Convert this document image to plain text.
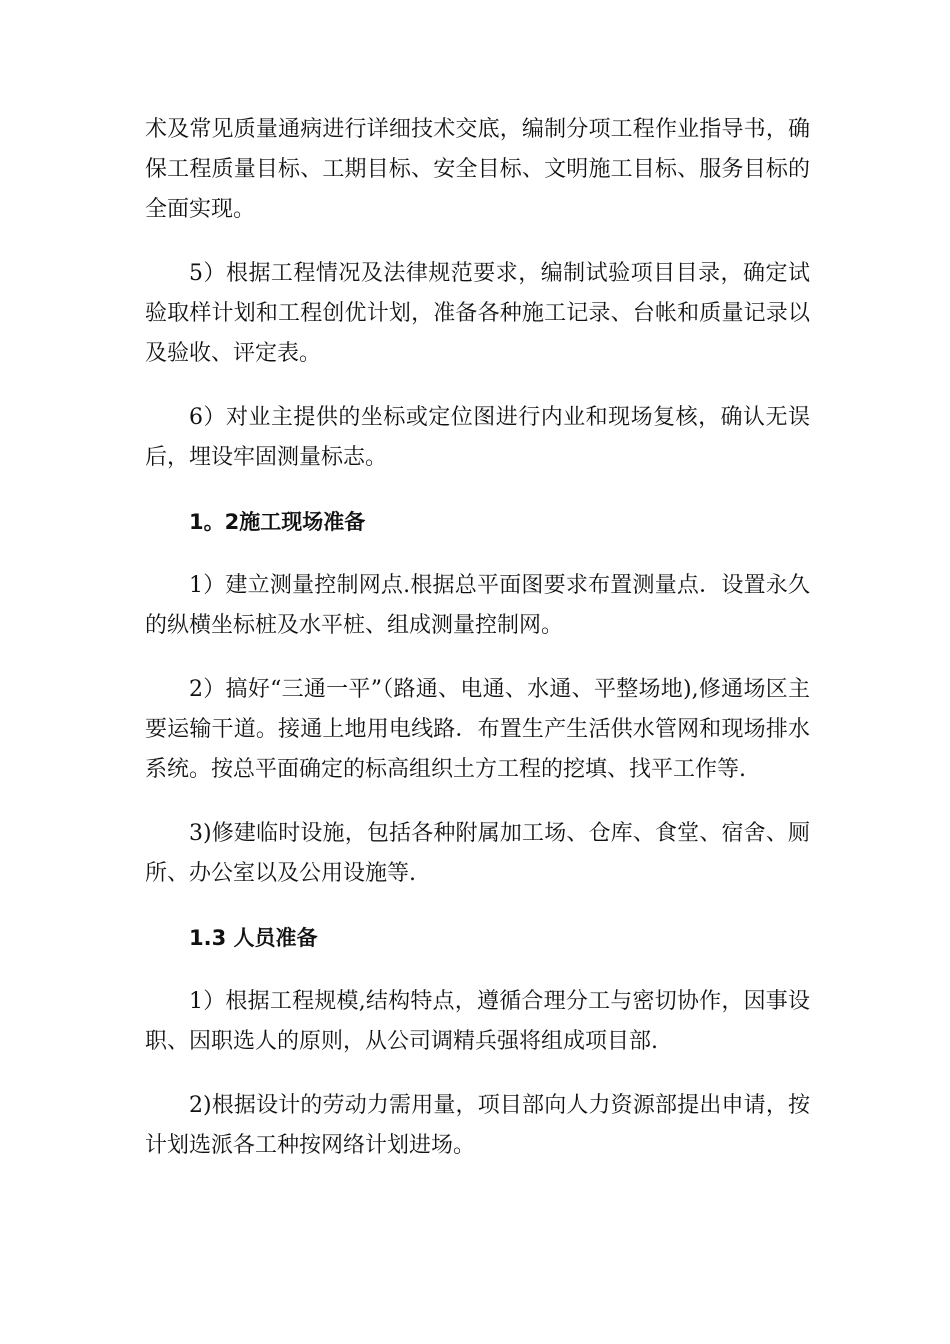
术及常见质量通病进行详细技术交底，编制分项工程作业指导书，确保工程质量目标、工期目标、安全目标、文明施工目标、服务目标的全面实现。

5）根据工程情况及法律规范要求，编制试验项目目录，确定试验取样计划和工程创优计划，准备各种施工记录、台帐和质量记录以及验收、评定表。

6）对业主提供的坐标或定位图进行内业和现场复核，确认无误后，埋设牢固测量标志。

1。2施工现场准备

1）建立测量控制网点.根据总平面图要求布置测量点．设置永久的纵横坐标桩及水平桩、组成测量控制网。

2）搞好“三通一平”（路通、电通、水通、平整场地),修通场区主要运输干道。接通上地用电线路．布置生产生活供水管网和现场排水系统。按总平面确定的标高组织土方工程的挖填、找平工作等.

3)修建临时设施，包括各种附属加工场、仓库、食堂、宿舍、厕所、办公室以及公用设施等.

1.3 人员准备

1）根据工程规模,结构特点，遵循合理分工与密切协作，因事设职、因职选人的原则，从公司调精兵强将组成项目部.

2)根据设计的劳动力需用量，项目部向人力资源部提出申请，按计划选派各工种按网络计划进场。
